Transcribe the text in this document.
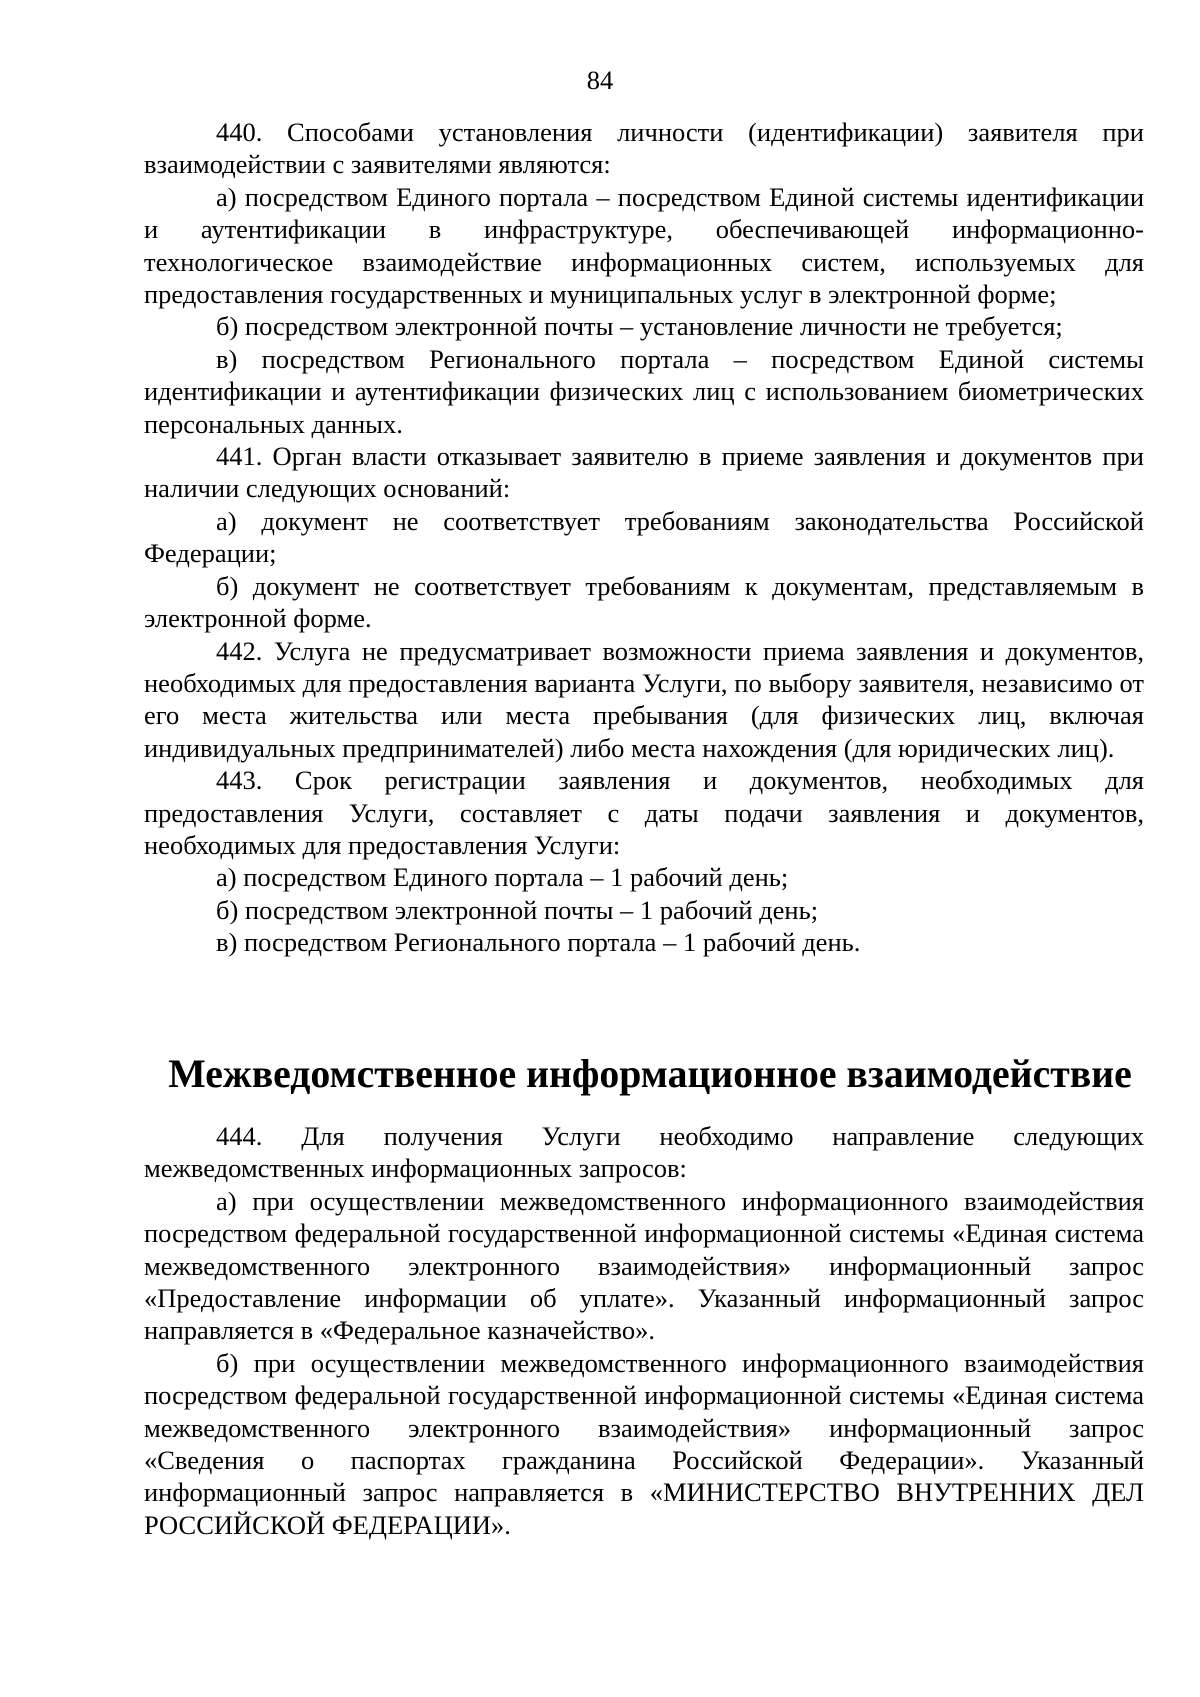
84

440. Способами установления личности (идентификации) заявителя при взаимодействии с заявителями являются:

а) посредством Единого портала – посредством Единой системы идентификации и аутентификации в инфраструктуре, обеспечивающей информационно-технологическое взаимодействие информационных систем, используемых для предоставления государственных и муниципальных услуг в электронной форме;

б) посредством электронной почты – установление личности не требуется;

в) посредством Регионального портала – посредством Единой системы идентификации и аутентификации физических лиц с использованием биометрических персональных данных.

441. Орган власти отказывает заявителю в приеме заявления и документов при наличии следующих оснований:

а) документ не соответствует требованиям законодательства Российской Федерации;

б) документ не соответствует требованиям к документам, представляемым в электронной форме.

442. Услуга не предусматривает возможности приема заявления и документов, необходимых для предоставления варианта Услуги, по выбору заявителя, независимо от его места жительства или места пребывания (для физических лиц, включая индивидуальных предпринимателей) либо места нахождения (для юридических лиц).

443. Срок регистрации заявления и документов, необходимых для предоставления Услуги, составляет с даты подачи заявления и документов, необходимых для предоставления Услуги:

а) посредством Единого портала – 1 рабочий день;

б) посредством электронной почты – 1 рабочий день;

в) посредством Регионального портала – 1 рабочий день.

Межведомственное информационное взаимодействие

444. Для получения Услуги необходимо направление следующих межведомственных информационных запросов:

а) при осуществлении межведомственного информационного взаимодействия посредством федеральной государственной информационной системы «Единая система межведомственного электронного взаимодействия» информационный запрос «Предоставление информации об уплате». Указанный информационный запрос направляется в «Федеральное казначейство».

б) при осуществлении межведомственного информационного взаимодействия посредством федеральной государственной информационной системы «Единая система межведомственного электронного взаимодействия» информационный запрос «Сведения о паспортах гражданина Российской Федерации». Указанный информационный запрос направляется в «МИНИСТЕРСТВО ВНУТРЕННИХ ДЕЛ РОССИЙСКОЙ ФЕДЕРАЦИИ».
